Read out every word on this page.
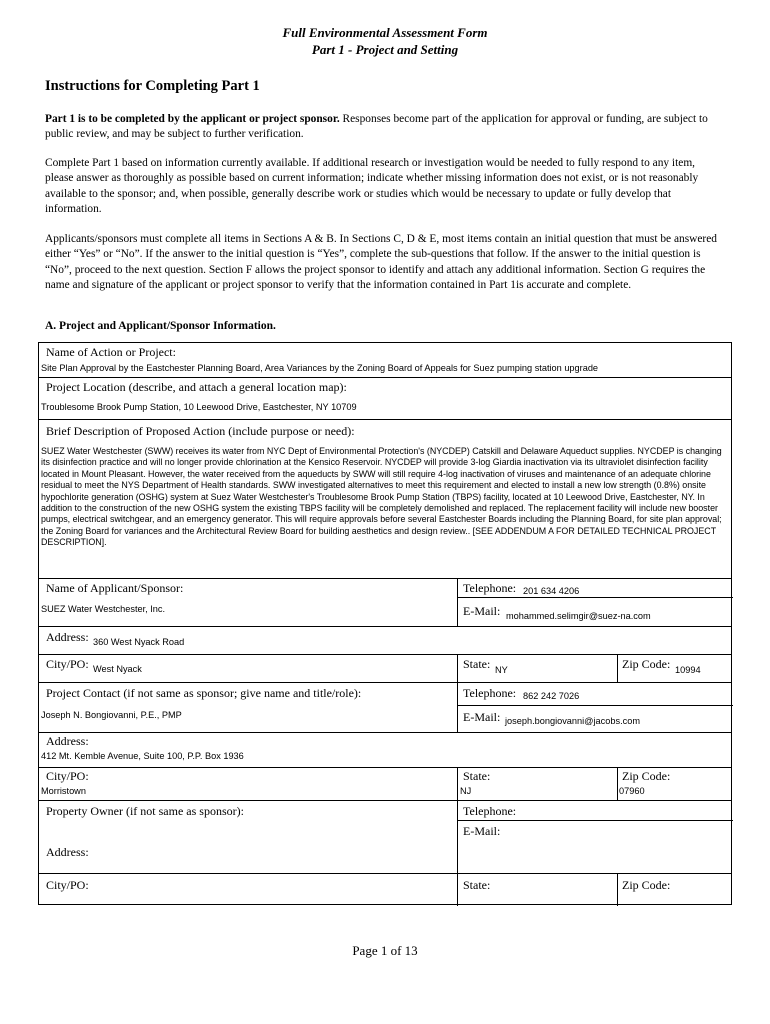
Full Environmental Assessment Form
Part 1 - Project and Setting
Instructions for Completing Part 1
Part 1 is to be completed by the applicant or project sponsor. Responses become part of the application for approval or funding, are subject to public review, and may be subject to further verification.
Complete Part 1 based on information currently available. If additional research or investigation would be needed to fully respond to any item, please answer as thoroughly as possible based on current information; indicate whether missing information does not exist, or is not reasonably available to the sponsor; and, when possible, generally describe work or studies which would be necessary to update or fully develop that information.
Applicants/sponsors must complete all items in Sections A & B. In Sections C, D & E, most items contain an initial question that must be answered either “Yes” or “No”. If the answer to the initial question is “Yes”, complete the sub-questions that follow. If the answer to the initial question is “No”, proceed to the next question. Section F allows the project sponsor to identify and attach any additional information. Section G requires the name and signature of the applicant or project sponsor to verify that the information contained in Part 1is accurate and complete.
A. Project and Applicant/Sponsor Information.
Name of Action or Project:
Site Plan Approval by the Eastchester Planning Board, Area Variances by the Zoning Board of Appeals for Suez pumping station upgrade
Project Location (describe, and attach a general location map):
Troublesome Brook Pump Station, 10 Leewood Drive, Eastchester, NY 10709
Brief Description of Proposed Action (include purpose or need):
SUEZ Water Westchester (SWW) receives its water from NYC Dept of Environmental Protection's (NYCDEP) Catskill and Delaware Aqueduct supplies. NYCDEP is changing its disinfection practice and will no longer provide chlorination at the Kensico Reservoir. NYCDEP will provide 3-log Giardia inactivation via its ultraviolet disinfection facility located in Mount Pleasant. However, the water received from the aqueducts by SWW will still require 4-log inactivation of viruses and maintenance of an adequate chlorine residual to meet the NYS Department of Health standards. SWW investigated alternatives to meet this requirement and elected to install a new low strength (0.8%) onsite hypochlorite generation (OSHG) system at Suez Water Westchester's Troublesome Brook Pump Station (TBPS) facility, located at 10 Leewood Drive, Eastchester, NY. In addition to the construction of the new OSHG system the existing TBPS facility will be completely demolished and replaced. The replacement facility will include new booster pumps, electrical switchgear, and an emergency generator. This will require approvals before several Eastchester Boards including the Planning Board, for site plan approval; the Zoning Board for variances and the Architectural Review Board for building aesthetics and design review.. [SEE ADDENDUM A FOR DETAILED TECHNICAL PROJECT DESCRIPTION].
Name of Applicant/Sponsor:
SUEZ Water Westchester, Inc.
Telephone: 201 634 4206
E-Mail: mohammed.selimgir@suez-na.com
Address: 360 West Nyack Road
City/PO: West Nyack	State: NY	Zip Code: 10994
Project Contact (if not same as sponsor; give name and title/role):
Joseph N. Bongiovanni, P.E., PMP
Telephone: 862 242 7026
E-Mail: joseph.bongiovanni@jacobs.com
Address:
412 Mt. Kemble Avenue, Suite 100, P.P. Box 1936
City/PO:
Morristown
State:
NJ
Zip Code:
07960
Property Owner (if not same as sponsor):	Telephone:
E-Mail:
Address:
City/PO:	State:	Zip Code:
Page 1 of 13
